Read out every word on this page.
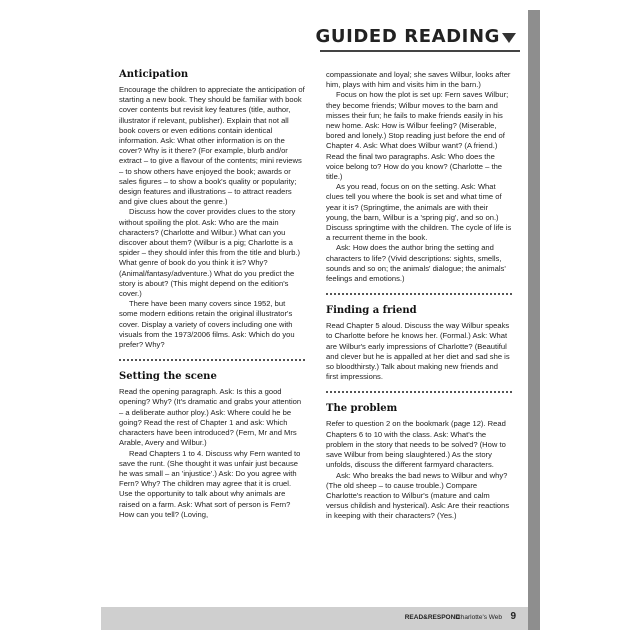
GUIDED READING
Anticipation

Encourage the children to appreciate the anticipation of starting a new book. They should be familiar with book cover contents but revisit key features (title, author, illustrator if relevant, publisher). Explain that not all book covers or even editions contain identical information. Ask: What other information is on the cover? Why is it there? (For example, blurb and/or extract – to give a flavour of the contents; mini reviews – to show others have enjoyed the book; awards or sales figures – to show a book's quality or popularity; design features and illustrations – to attract readers and give clues about the genre.)

Discuss how the cover provides clues to the story without spoiling the plot. Ask: Who are the main characters? (Charlotte and Wilbur.) What can you discover about them? (Wilbur is a pig; Charlotte is a spider – they should infer this from the title and blurb.) What genre of book do you think it is? Why? (Animal/fantasy/adventure.) What do you predict the story is about? (This might depend on the edition's cover.)

There have been many covers since 1952, but some modern editions retain the original illustrator's cover. Display a variety of covers including one with visuals from the 1973/2006 films. Ask: Which do you prefer? Why?

Setting the scene

Read the opening paragraph. Ask: Is this a good opening? Why? (It's dramatic and grabs your attention – a deliberate author ploy.) Ask: Where could he be going? Read the rest of Chapter 1 and ask: Which characters have been introduced? (Fern, Mr and Mrs Arable, Avery and Wilbur.)

Read Chapters 1 to 4. Discuss why Fern wanted to save the runt. (She thought it was unfair just because he was small – an 'injustice'.) Ask: Do you agree with Fern? Why? The children may agree that it is cruel. Use the opportunity to talk about why animals are raised on a farm. Ask: What sort of person is Fern? How can you tell? (Loving,

compassionate and loyal; she saves Wilbur, looks after him, plays with him and visits him in the barn.)

Focus on how the plot is set up: Fern saves Wilbur; they become friends; Wilbur moves to the barn and misses their fun; he fails to make friends easily in his new home. Ask: How is Wilbur feeling? (Miserable, bored and lonely.) Stop reading just before the end of Chapter 4. Ask: What does Wilbur want? (A friend.) Read the final two paragraphs. Ask: Who does the voice belong to? How do you know? (Charlotte – the title.)

As you read, focus on on the setting. Ask: What clues tell you where the book is set and what time of year it is? (Springtime, the animals are with their young, the barn, Wilbur is a 'spring pig', and so on.) Discuss springtime with the children. The cycle of life is a recurrent theme in the book.

Ask: How does the author bring the setting and characters to life? (Vivid descriptions: sights, smells, sounds and so on; the animals' dialogue; the animals' feelings and emotions.)

Finding a friend

Read Chapter 5 aloud. Discuss the way Wilbur speaks to Charlotte before he knows her. (Formal.) Ask: What are Wilbur's early impressions of Charlotte? (Beautiful and clever but he is appalled at her diet and sad she is so bloodthirsty.) Talk about making new friends and first impressions.

The problem

Refer to question 2 on the bookmark (page 12). Read Chapters 6 to 10 with the class. Ask: What's the problem in the story that needs to be solved? (How to save Wilbur from being slaughtered.) As the story unfolds, discuss the different farmyard characters.

Ask: Who breaks the bad news to Wilbur and why? (The old sheep – to cause trouble.) Compare Charlotte's reaction to Wilbur's (mature and calm versus childish and hysterical). Ask: Are their reactions in keeping with their characters? (Yes.)

READ&RESPOND
Charlotte's Web 9
